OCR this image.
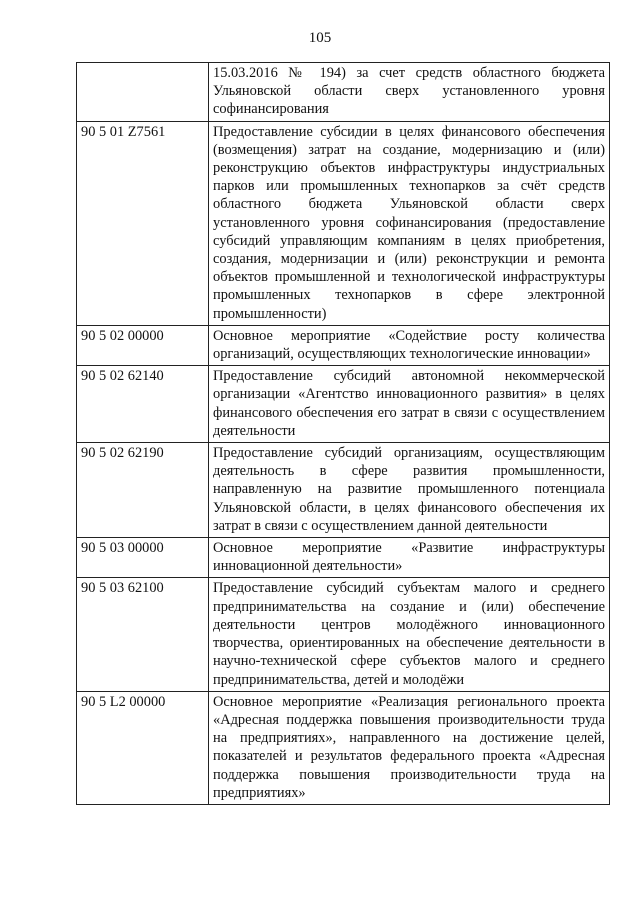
105
	15.03.2016 № 194) за счет средств областного бюджета Ульяновской области сверх установленного уровня софинансирования
90 5 01 Z7561	Предоставление субсидии в целях финансового обеспечения (возмещения) затрат на создание, модернизацию и (или) реконструкцию объектов инфраструктуры индустриальных парков или промышленных технопарков за счёт средств областного бюджета Ульяновской области сверх установленного уровня софинансирования (предоставление субсидий управляющим компаниям в целях приобретения, создания, модернизации и (или) реконструкции и ремонта объектов промышленной и технологической инфраструктуры промышленных технопарков в сфере электронной промышленности)
90 5 02 00000	Основное мероприятие «Содействие росту количества организаций, осуществляющих технологические инновации»
90 5 02 62140	Предоставление субсидий автономной некоммерческой организации «Агентство инновационного развития» в целях финансового обеспечения его затрат в связи с осуществлением деятельности
90 5 02 62190	Предоставление субсидий организациям, осуществляющим деятельность в сфере развития промышленности, направленную на развитие промышленного потенциала Ульяновской области, в целях финансового обеспечения их затрат в связи с осуществлением данной деятельности
90 5 03 00000	Основное мероприятие «Развитие инфраструктуры инновационной деятельности»
90 5 03 62100	Предоставление субсидий субъектам малого и среднего предпринимательства на создание и (или) обеспечение деятельности центров молодёжного инновационного творчества, ориентированных на обеспечение деятельности в научно-технической сфере субъектов малого и среднего предпринимательства, детей и молодёжи
90 5 L2 00000	Основное мероприятие «Реализация регионального проекта «Адресная поддержка повышения производительности труда на предприятиях», направленного на достижение целей, показателей и результатов федерального проекта «Адресная поддержка повышения производительности труда на предприятиях»
